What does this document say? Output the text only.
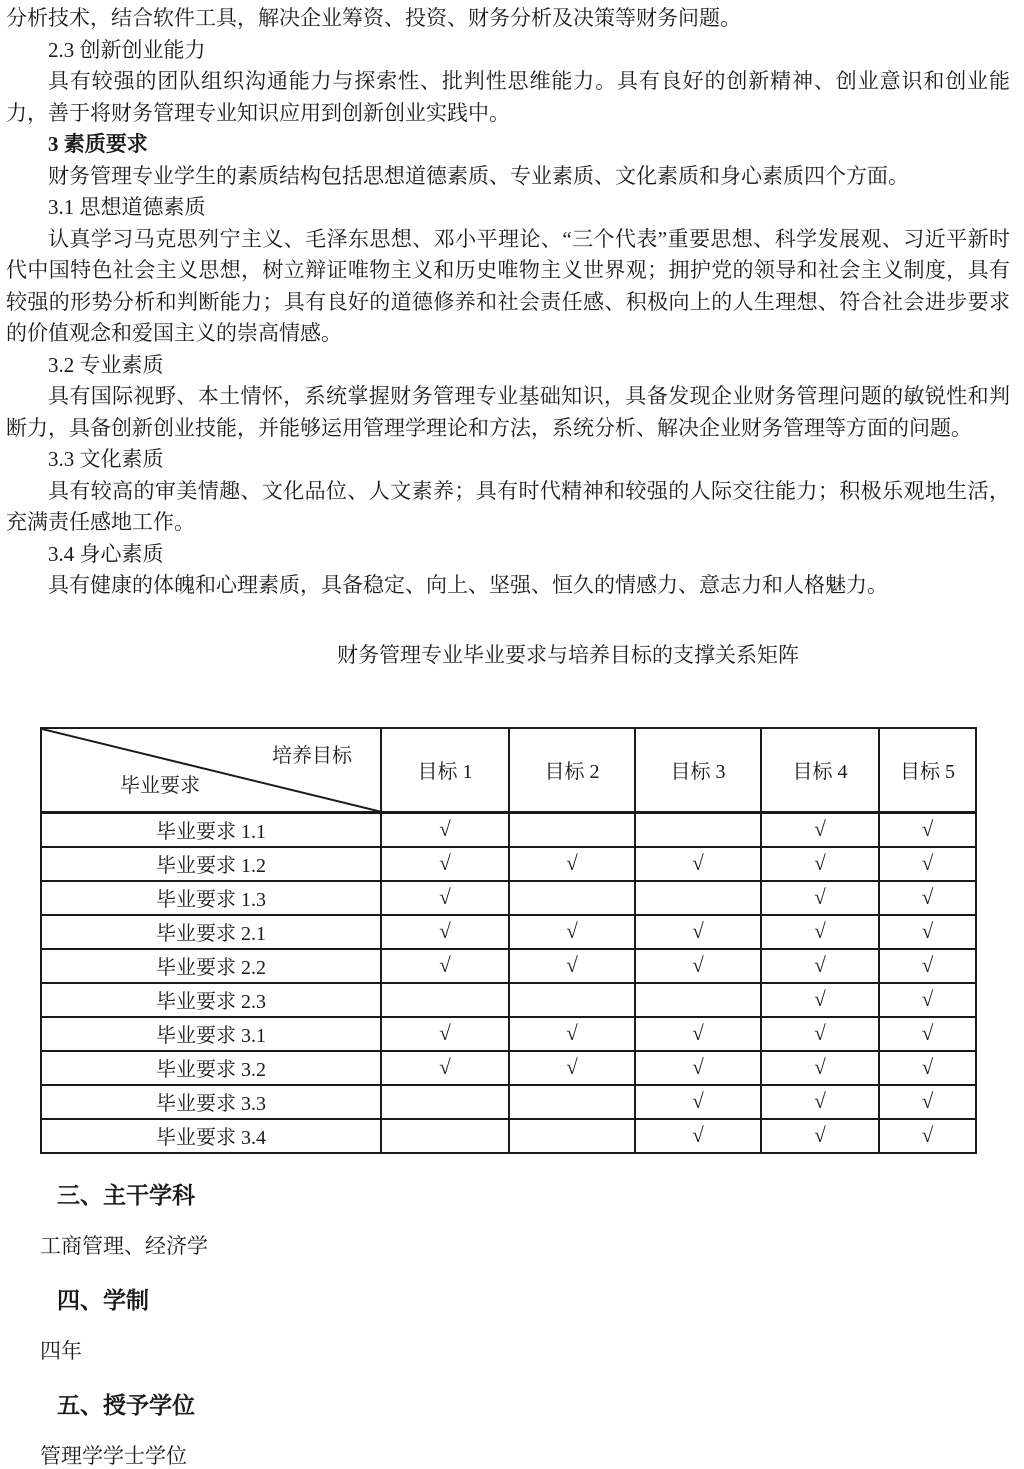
分析技术，结合软件工具，解决企业筹资、投资、财务分析及决策等财务问题。

2.3 创新创业能力

具有较强的团队组织沟通能力与探索性、批判性思维能力。具有良好的创新精神、创业意识和创业能力，善于将财务管理专业知识应用到创新创业实践中。

3 素质要求

财务管理专业学生的素质结构包括思想道德素质、专业素质、文化素质和身心素质四个方面。

3.1 思想道德素质

认真学习马克思列宁主义、毛泽东思想、邓小平理论、“三个代表”重要思想、科学发展观、习近平新时代中国特色社会主义思想，树立辩证唯物主义和历史唯物主义世界观；拥护党的领导和社会主义制度，具有较强的形势分析和判断能力；具有良好的道德修养和社会责任感、积极向上的人生理想、符合社会进步要求的价值观念和爱国主义的崇高情感。

3.2 专业素质

具有国际视野、本土情怀，系统掌握财务管理专业基础知识，具备发现企业财务管理问题的敏锐性和判断力，具备创新创业技能，并能够运用管理学理论和方法，系统分析、解决企业财务管理等方面的问题。

3.3 文化素质

具有较高的审美情趣、文化品位、人文素养；具有时代精神和较强的人际交往能力；积极乐观地生活，充满责任感地工作。

3.4 身心素质

具有健康的体魄和心理素质，具备稳定、向上、坚强、恒久的情感力、意志力和人格魅力。

财务管理专业毕业要求与培养目标的支撑关系矩阵
培养目标
毕业要求	目标 1	目标 2	目标 3	目标 4	目标 5
毕业要求 1.1	√			√	√
毕业要求 1.2	√	√	√	√	√
毕业要求 1.3	√			√	√
毕业要求 2.1	√	√	√	√	√
毕业要求 2.2	√	√	√	√	√
毕业要求 2.3				√	√
毕业要求 3.1	√	√	√	√	√
毕业要求 3.2	√	√	√	√	√
毕业要求 3.3			√	√	√
毕业要求 3.4			√	√	√
三、主干学科
工商管理、经济学
四、学制
四年
五、授予学位
管理学学士学位
